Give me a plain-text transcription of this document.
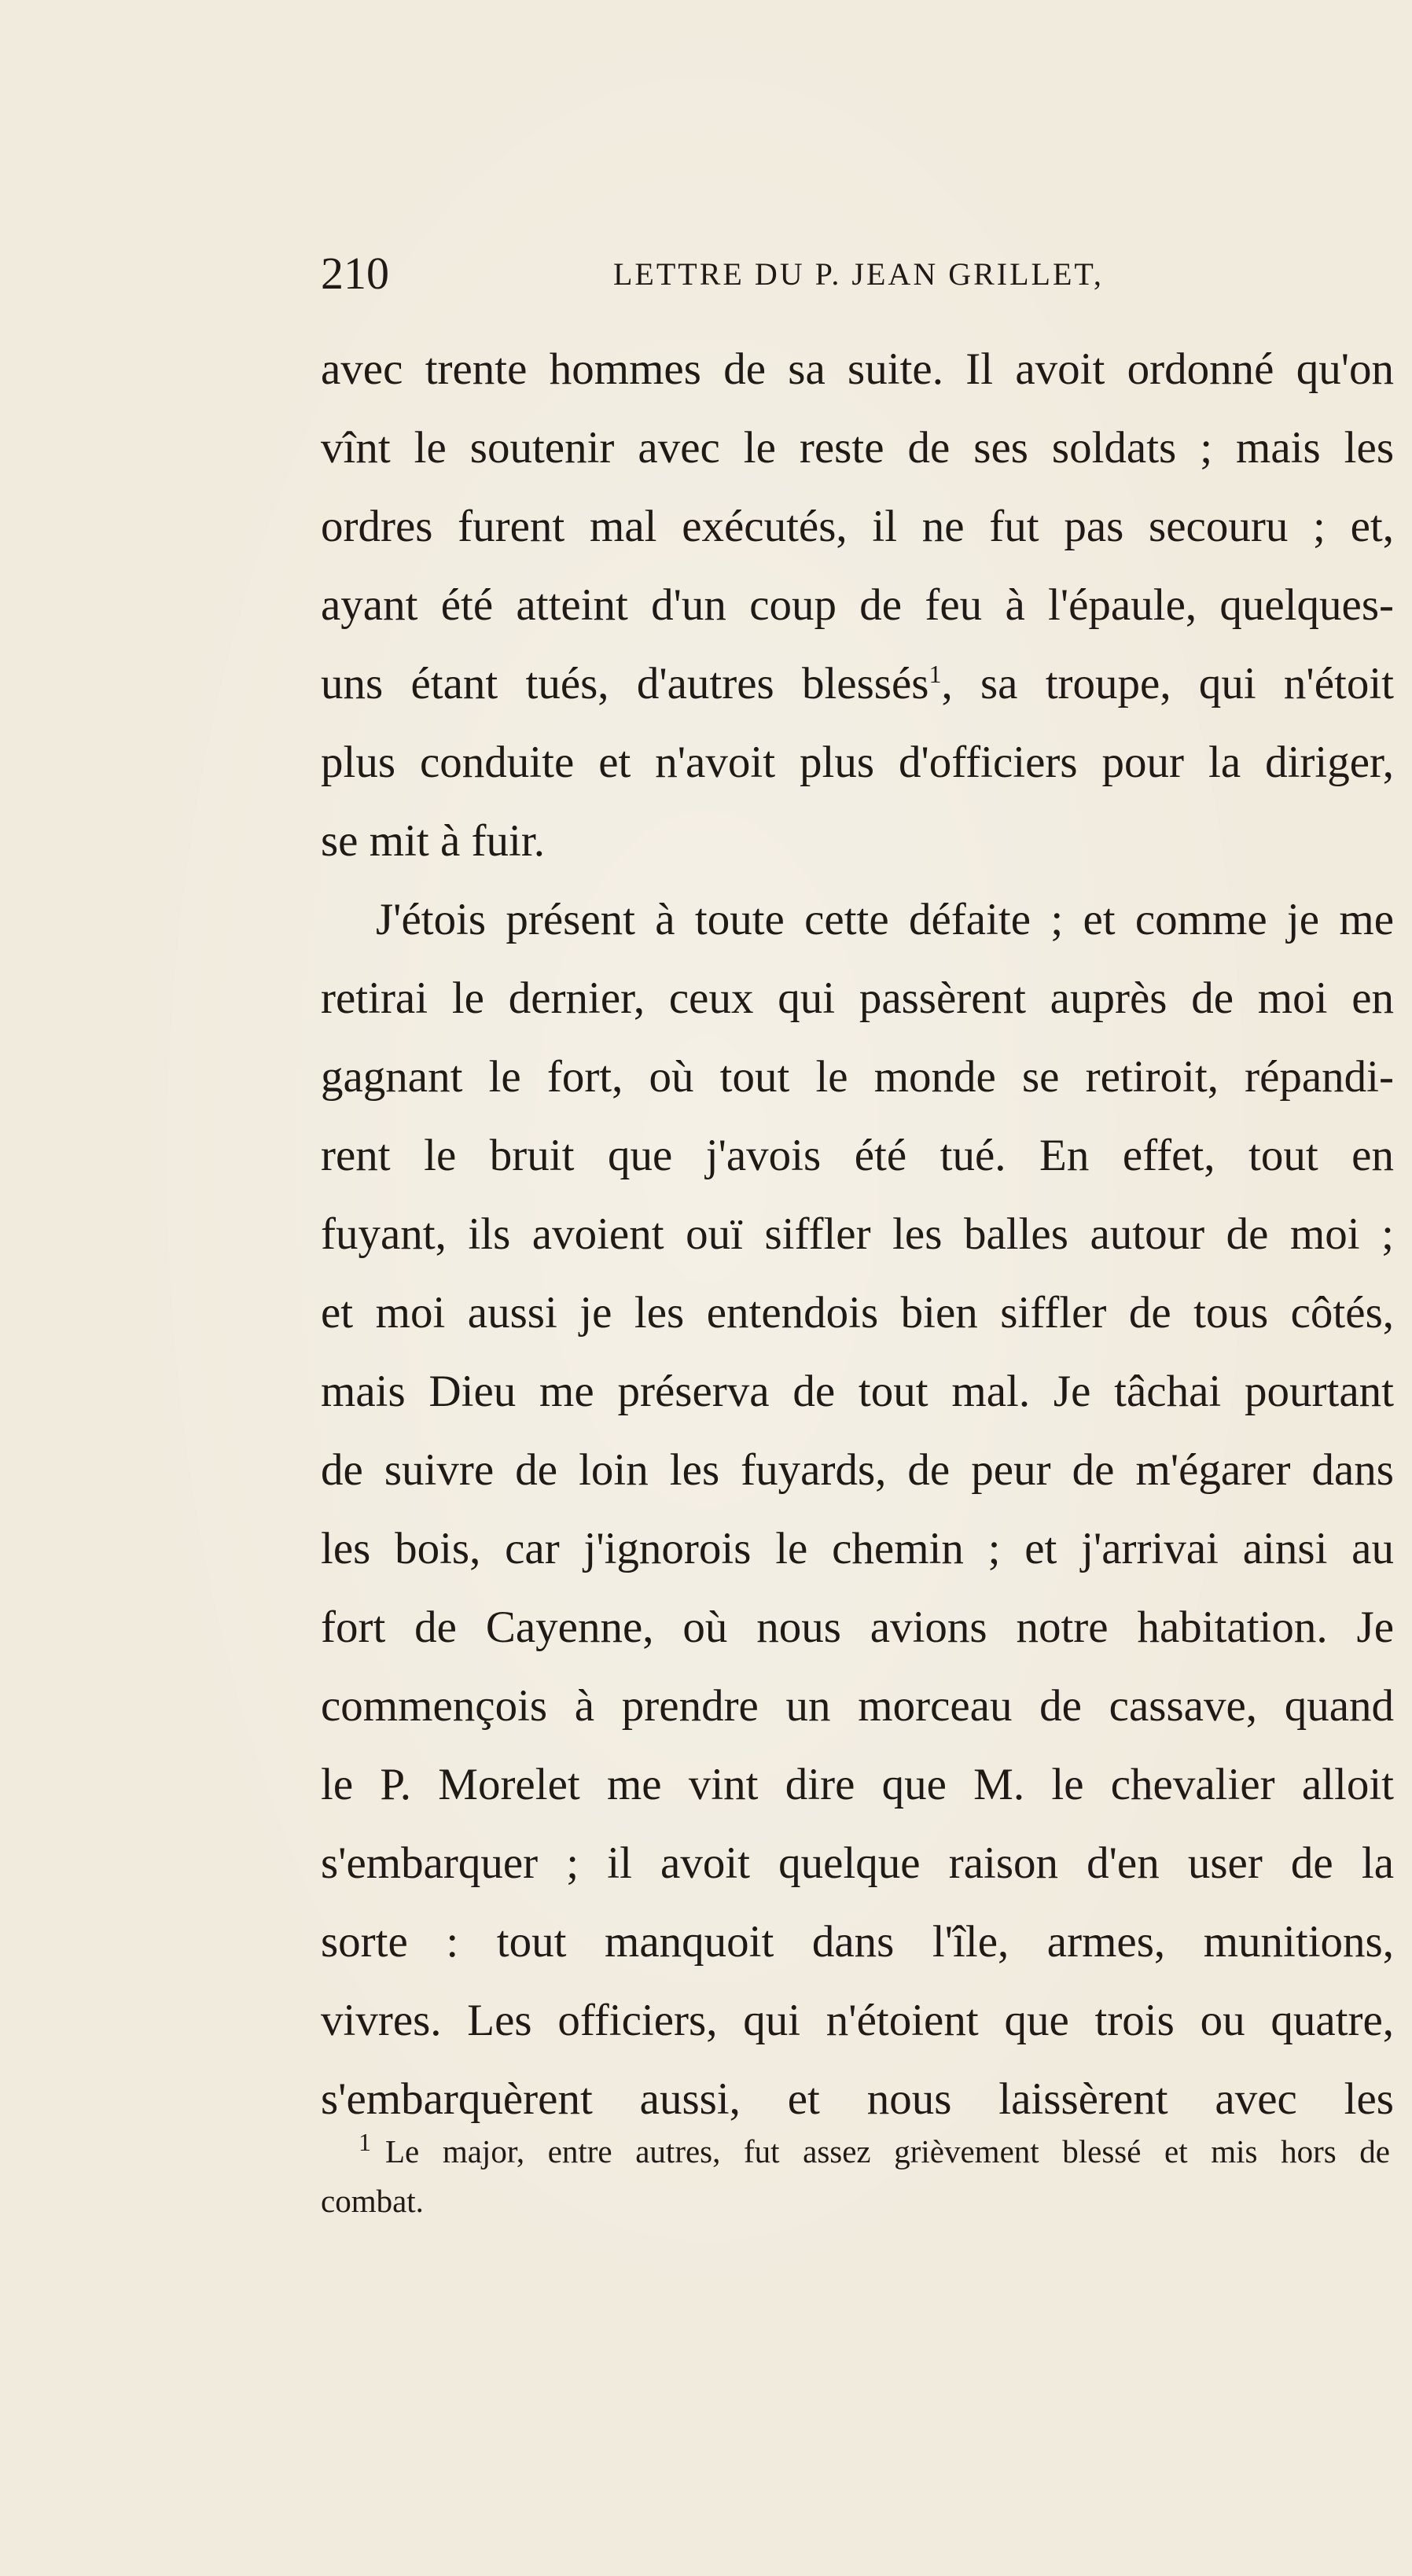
210	LETTRE DU P. JEAN GRILLET,
avec trente hommes de sa suite. Il avoit ordonné qu'on
vînt le soutenir avec le reste de ses soldats ; mais les
ordres furent mal exécutés, il ne fut pas secouru ; et,
ayant été atteint d'un coup de feu à l'épaule, quelques-
uns étant tués, d'autres blessés$^1$, sa troupe, qui n'étoit
plus conduite et n'avoit plus d'officiers pour la diriger,
se mit à fuir.
J'étois présent à toute cette défaite ; et comme je me
retirai le dernier, ceux qui passèrent auprès de moi en
gagnant le fort, où tout le monde se retiroit, répandi-
rent le bruit que j'avois été tué. En effet, tout en
fuyant, ils avoient ouï siffler les balles autour de moi ;
et moi aussi je les entendois bien siffler de tous côtés,
mais Dieu me préserva de tout mal. Je tâchai pourtant
de suivre de loin les fuyards, de peur de m'égarer dans
les bois, car j'ignorois le chemin ; et j'arrivai ainsi au
fort de Cayenne, où nous avions notre habitation. Je
commençois à prendre un morceau de cassave, quand
le P. Morelet me vint dire que M. le chevalier alloit
s'embarquer ; il avoit quelque raison d'en user de la
sorte : tout manquoit dans l'île, armes, munitions,
vivres. Les officiers, qui n'étoient que trois ou quatre,
s'embarquèrent aussi, et nous laissèrent avec les
$^1$ Le major, entre autres, fut assez grièvement blessé et mis hors de
combat.
